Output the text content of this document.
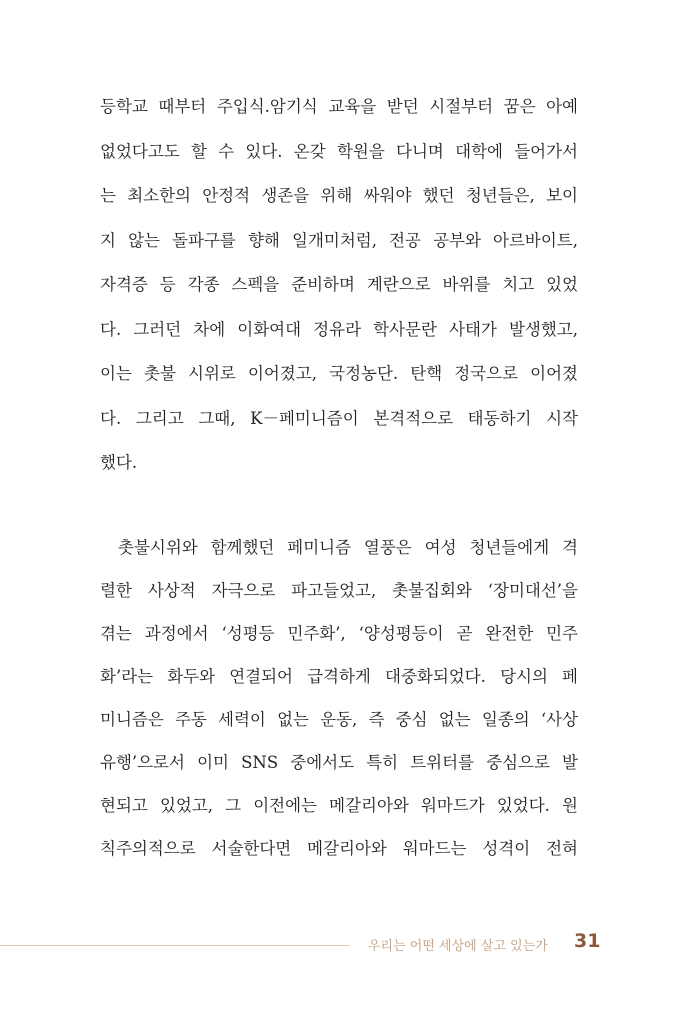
등학교 때부터 주입식.암기식 교육을 받던 시절부터 꿈은 아예
없었다고도 할 수 있다. 온갖 학원을 다니며 대학에 들어가서
는 최소한의 안정적 생존을 위해 싸워야 했던 청년들은, 보이
지 않는 돌파구를 향해 일개미처럼, 전공 공부와 아르바이트,
자격증 등 각종 스펙을 준비하며 계란으로 바위를 치고 있었
다. 그러던 차에 이화여대 정유라 학사문란 사태가 발생했고,
이는 촛불 시위로 이어졌고, 국정농단. 탄핵 정국으로 이어졌
다. 그리고 그때, K－페미니즘이 본격적으로 태동하기 시작
했다.
촛불시위와 함께했던 페미니즘 열풍은 여성 청년들에게 격
렬한 사상적 자극으로 파고들었고, 촛불집회와 ‘장미대선’을
겪는 과정에서 ‘성평등 민주화’, ‘양성평등이 곧 완전한 민주
화’라는 화두와 연결되어 급격하게 대중화되었다. 당시의 페
미니즘은 주동 세력이 없는 운동, 즉 중심 없는 일종의 ‘사상
유행’으로서 이미 SNS 중에서도 특히 트위터를 중심으로 발
현되고 있었고, 그 이전에는 메갈리아와 워마드가 있었다. 원
칙주의적으로 서술한다면 메갈리아와 워마드는 성격이 전혀
우리는 어떤 세상에 살고 있는가 31
